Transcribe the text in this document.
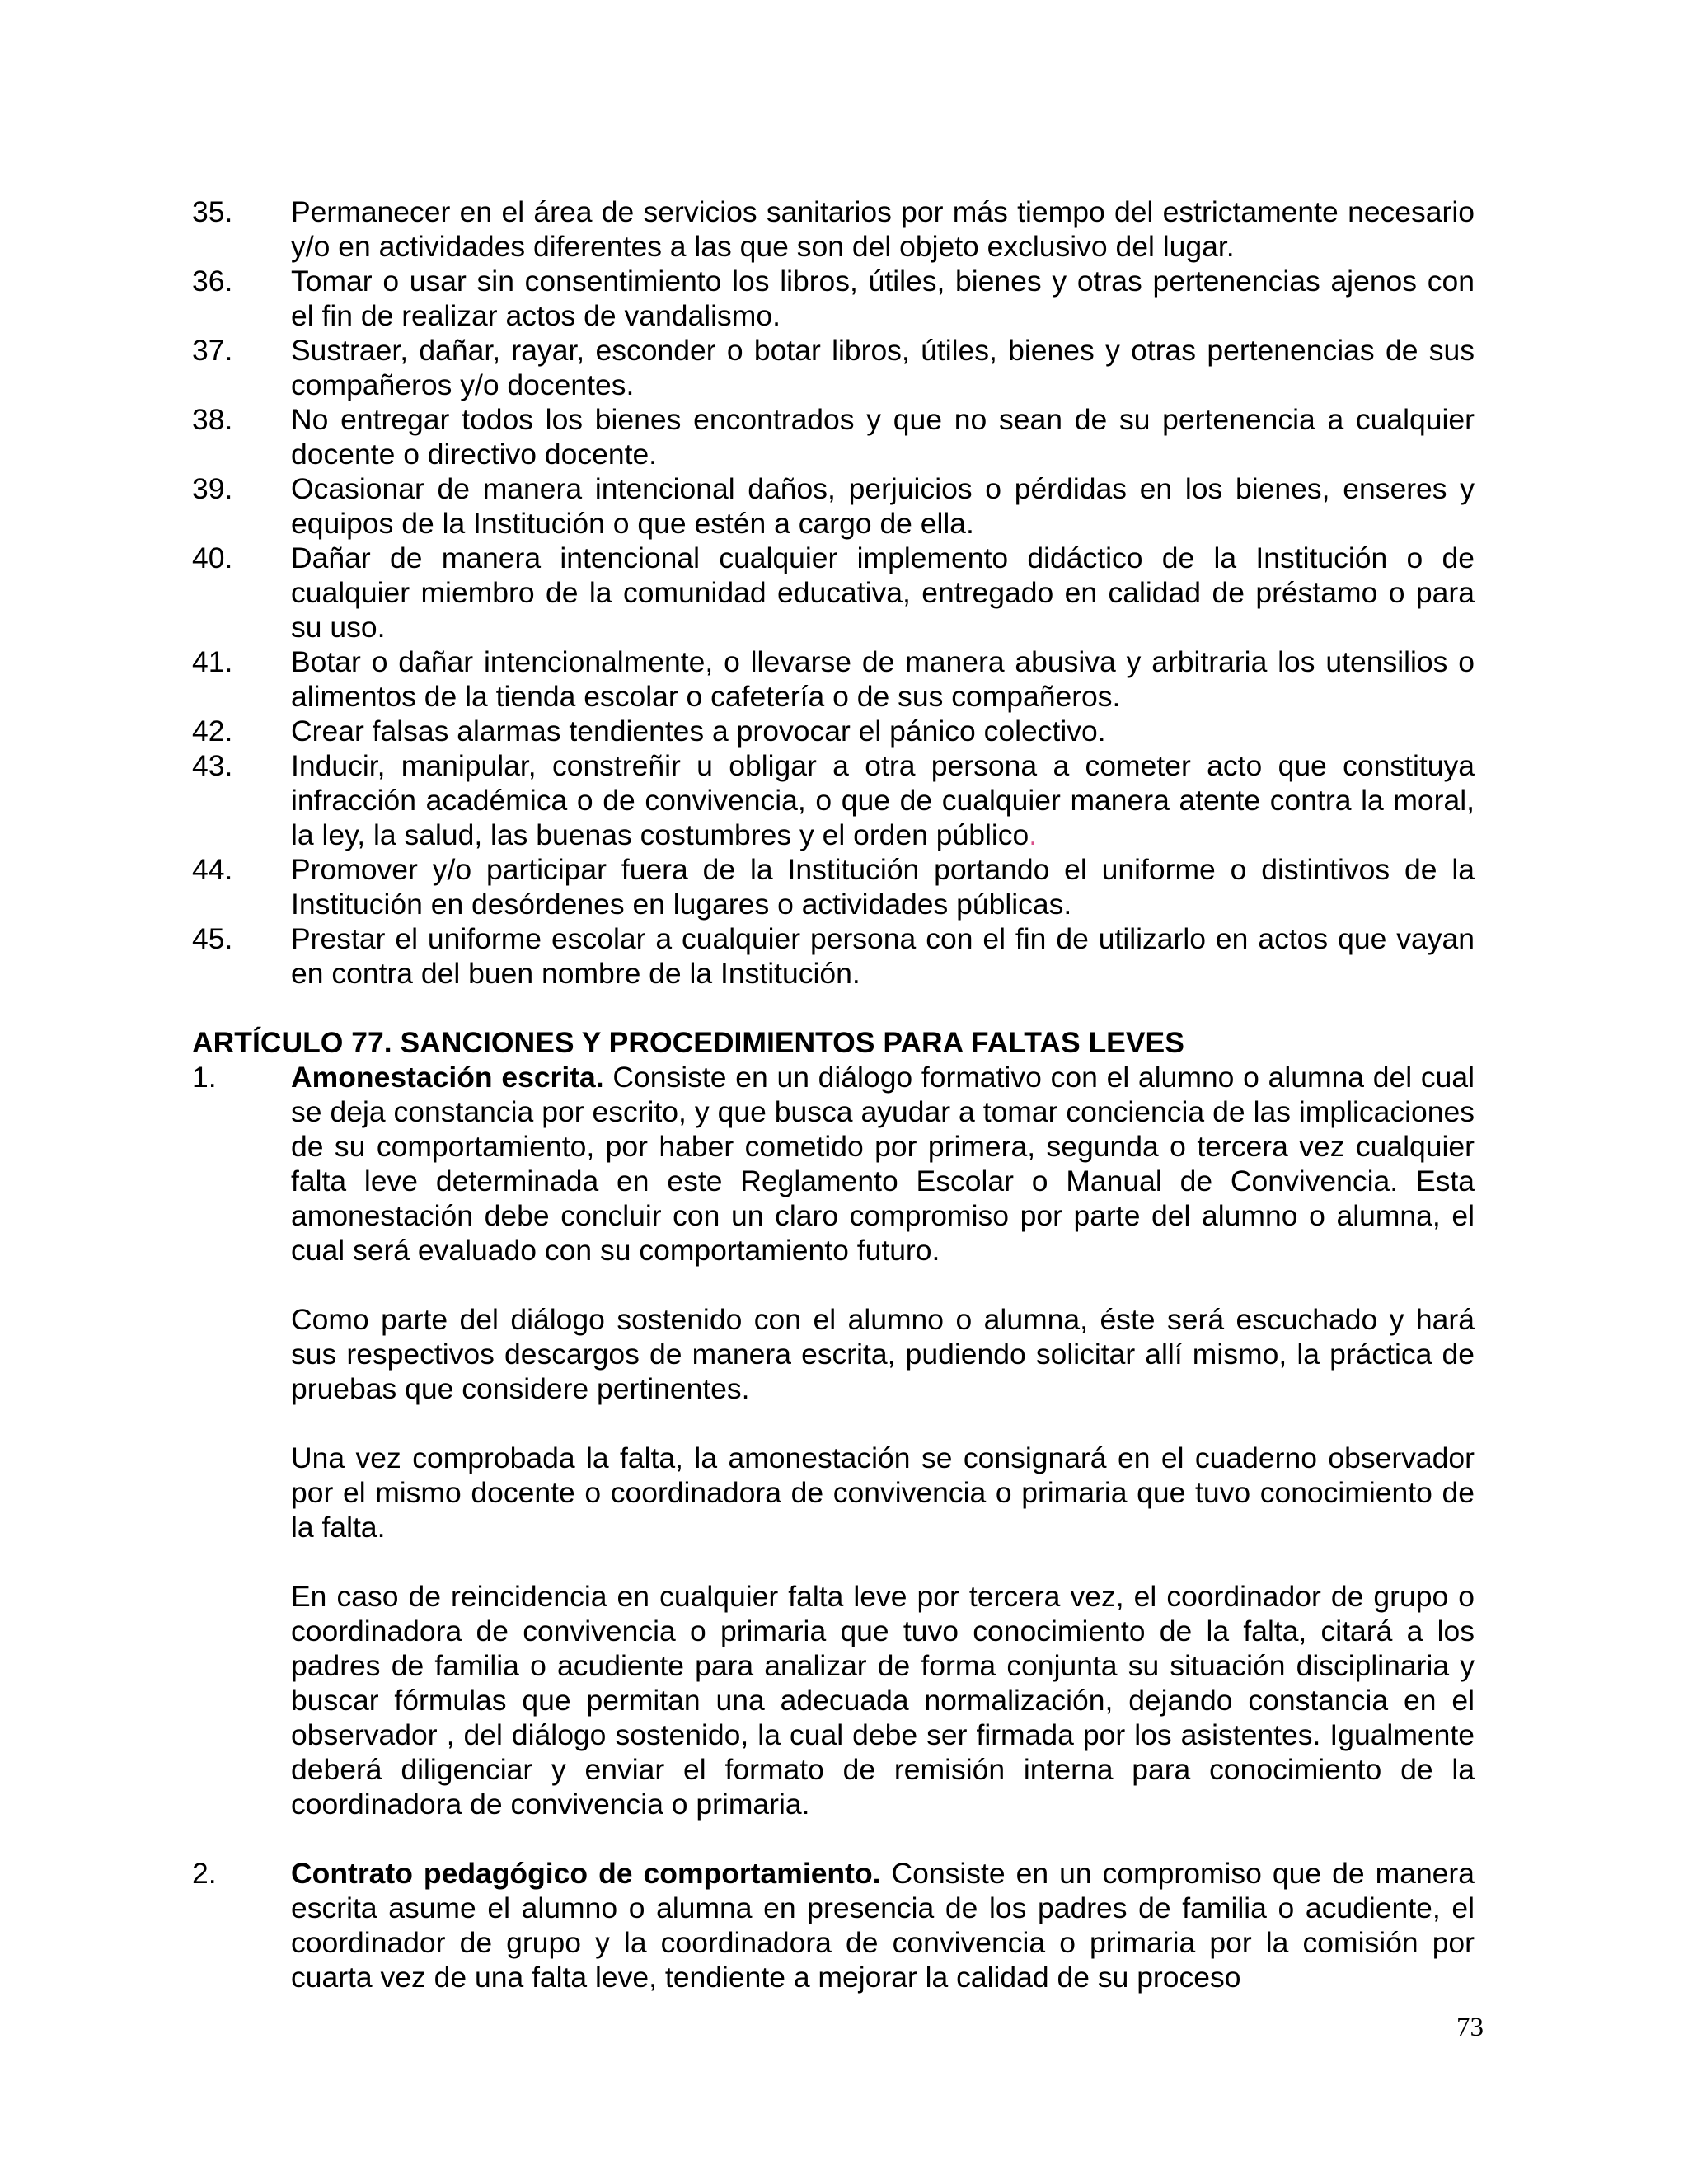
35.	Permanecer en el área de servicios sanitarios por más tiempo del estrictamente necesario y/o en actividades diferentes a las que son del objeto exclusivo del lugar.
36.	Tomar o usar sin consentimiento los libros, útiles, bienes y otras pertenencias ajenos con el fin de realizar actos de vandalismo.
37.	Sustraer, dañar, rayar, esconder o botar libros, útiles, bienes y otras pertenencias de sus compañeros y/o docentes.
38.	No entregar todos los bienes encontrados y que no sean de su pertenencia a cualquier docente o directivo docente.
39.	Ocasionar de manera intencional daños, perjuicios o pérdidas en los bienes, enseres y equipos de la Institución o que estén a cargo de ella.
40.	Dañar de manera intencional cualquier implemento didáctico de la Institución o de cualquier miembro de la comunidad educativa, entregado en calidad de préstamo o para su uso.
41.	Botar o dañar intencionalmente, o llevarse de manera abusiva y arbitraria los utensilios o alimentos de la tienda escolar o cafetería o de sus compañeros.
42.	Crear falsas alarmas tendientes a provocar el pánico colectivo.
43.	Inducir, manipular, constreñir u obligar a otra persona a cometer acto que constituya infracción académica o de convivencia, o que de cualquier manera atente contra la moral, la ley, la salud, las buenas costumbres y el orden público.
44.	Promover y/o participar fuera de la Institución portando el uniforme o distintivos de la Institución en desórdenes en lugares o actividades públicas.
45.	Prestar el uniforme escolar a cualquier persona con el fin de utilizarlo en actos que vayan en contra del buen nombre de la Institución.
ARTÍCULO 77. SANCIONES Y PROCEDIMIENTOS PARA FALTAS LEVES
1.	Amonestación escrita. Consiste en un diálogo formativo con el alumno o alumna del cual se deja constancia por escrito, y que busca ayudar a tomar conciencia de las implicaciones de su comportamiento, por haber cometido por primera, segunda o tercera vez cualquier falta leve determinada en este Reglamento Escolar o Manual de Convivencia. Esta amonestación debe concluir con un claro compromiso por parte del alumno o alumna, el cual será evaluado con su comportamiento futuro.
Como parte del diálogo sostenido con el alumno o alumna, éste será escuchado y hará sus respectivos descargos de manera escrita, pudiendo solicitar allí mismo, la práctica de pruebas que considere pertinentes.
Una vez comprobada la falta, la amonestación se consignará en el cuaderno observador por el mismo docente o coordinadora de convivencia o primaria que tuvo conocimiento de la falta.
En caso de reincidencia en cualquier falta leve por tercera vez, el coordinador de grupo o coordinadora de convivencia o primaria que tuvo conocimiento de la falta, citará a los padres de familia o acudiente para analizar de forma conjunta su situación disciplinaria y buscar fórmulas que permitan una adecuada normalización, dejando constancia en el observador , del diálogo sostenido, la cual debe ser firmada por los asistentes. Igualmente deberá diligenciar y enviar el formato de remisión interna para conocimiento de la coordinadora de convivencia o primaria.
2.	Contrato pedagógico de comportamiento. Consiste en un compromiso que de manera escrita asume el alumno o alumna en presencia de los padres de familia o acudiente, el coordinador de grupo y la coordinadora de convivencia o primaria por la comisión por cuarta vez de una falta leve, tendiente a mejorar la calidad de su proceso
73
